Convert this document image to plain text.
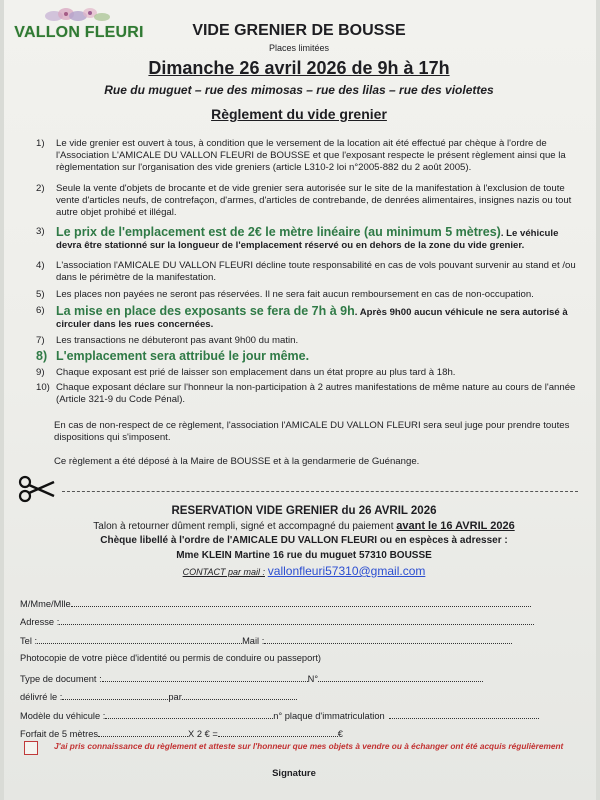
VALLON FLEURI	VIDE GRENIER DE BOUSSE
Places limitées
Dimanche 26 avril 2026 de 9h à 17h
Rue du muguet – rue des mimosas – rue des lilas – rue des violettes
Règlement du vide grenier
1)	Le vide grenier est ouvert à tous, à condition que le versement de la location ait été effectué par chèque à l'ordre de l'Association L'AMICALE DU VALLON FLEURI de BOUSSE et que l'exposant respecte le présent règlement ainsi que la règlementation sur l'organisation des vide greniers (article L310-2 loi n°2005-882 du 2 août 2005).
2)	Seule la vente d'objets de brocante et de vide grenier sera autorisée sur le site de la manifestation à l'exclusion de toute vente d'articles neufs, de contrefaçon, d'armes, d'articles de contrebande, de denrées alimentaires, insignes nazis ou tout autre objet prohibé et illégal.
3) Le prix de l'emplacement est de 2€ le mètre linéaire (au minimum 5 mètres). Le véhicule devra être stationné sur la longueur de l'emplacement réservé ou en dehors de la zone du vide grenier.
4)	L'association l'AMICALE DU VALLON FLEURI décline toute responsabilité en cas de vols pouvant survenir au stand et /ou dans le périmètre de la manifestation.
5)	Les places non payées ne seront pas réservées. Il ne sera fait aucun remboursement en cas de non-occupation.
6) La mise en place des exposants se fera de 7h à 9h. Après 9h00 aucun véhicule ne sera autorisé à circuler dans les rues concernées.
7)	Les transactions ne débuteront pas avant 9h00 du matin.
8) L'emplacement sera attribué le jour même.
9)	Chaque exposant est prié de laisser son emplacement dans un état propre au plus tard à 18h.
10) Chaque exposant déclare sur l'honneur la non-participation à 2 autres manifestations de même nature au cours de l'année (Article 321-9 du Code Pénal).
En cas de non-respect de ce règlement, l'association l'AMICALE DU VALLON FLEURI sera seul juge pour prendre toutes dispositions qui s'imposent.
Ce règlement a été déposé à la Maire de BOUSSE et à la gendarmerie de Guénange.
RESERVATION VIDE GRENIER du 26 AVRIL 2026
Talon à retourner dûment rempli, signé et accompagné du paiement avant le 16 AVRIL 2026
Chèque libellé à l'ordre de l'AMICALE DU VALLON FLEURI ou en espèces à adresser :
Mme KLEIN Martine 16 rue du muguet 57310 BOUSSE
CONTACT par mail : vallonfleuri57310@gmail.com
M/Mme/Mlle
Adresse :
Tel :	Mail :
Photocopie de votre pièce d'identité ou permis de conduire ou passeport)
Type de document :	N°
délivré le :	par
Modèle du véhicule :	n° plaque d'immatriculation
Forfait de 5 mètres	X 2 € =	€
J'ai pris connaissance du règlement et atteste sur l'honneur que mes objets à vendre ou à échanger ont été acquis régulièrement
Signature
